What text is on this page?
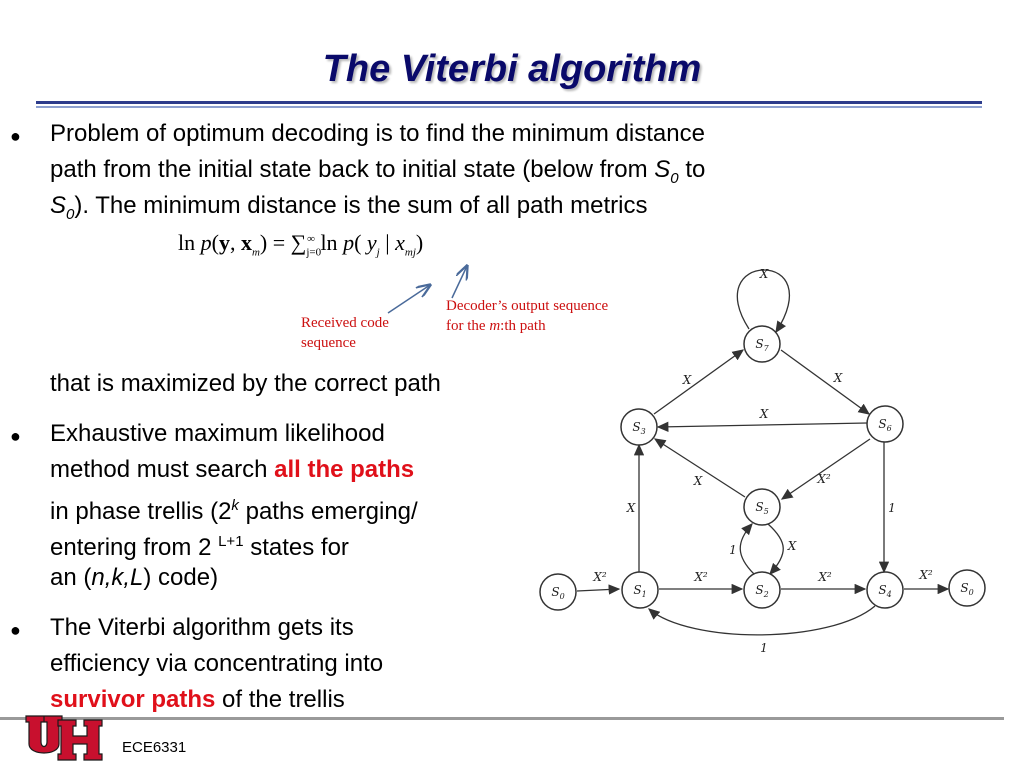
The Viterbi algorithm
● Problem of optimum decoding is to find the minimum distance
path from the initial state back to initial state (below from $S_0$ to
$S_0$). The minimum distance is the sum of all path metrics
ln p(y, $x_m) = \sum_{j=0}^\infty$ ln p( $y_j$ | $x_{mj}$)
Received code
sequence
Decoder’s output sequence
for the m:th path
that is maximized by the correct path
● Exhaustive maximum likelihood
method must search all the paths
in phase trellis (2$^k$ paths emerging/
entering from 2 $^{L+1}$ states for
an (n,k,L) code)
● The Viterbi algorithm gets its
efficiency via concentrating into
survivor paths of the trellis
$S_0$	$S_1$	$S_2$
$S_3$
$S_4$
$S_5$
$S_6$
$S_7$
$S_0$
X
X	X
X
X²
X
X²
X	1
X
1
X²	X²	X²
1
ECE6331
